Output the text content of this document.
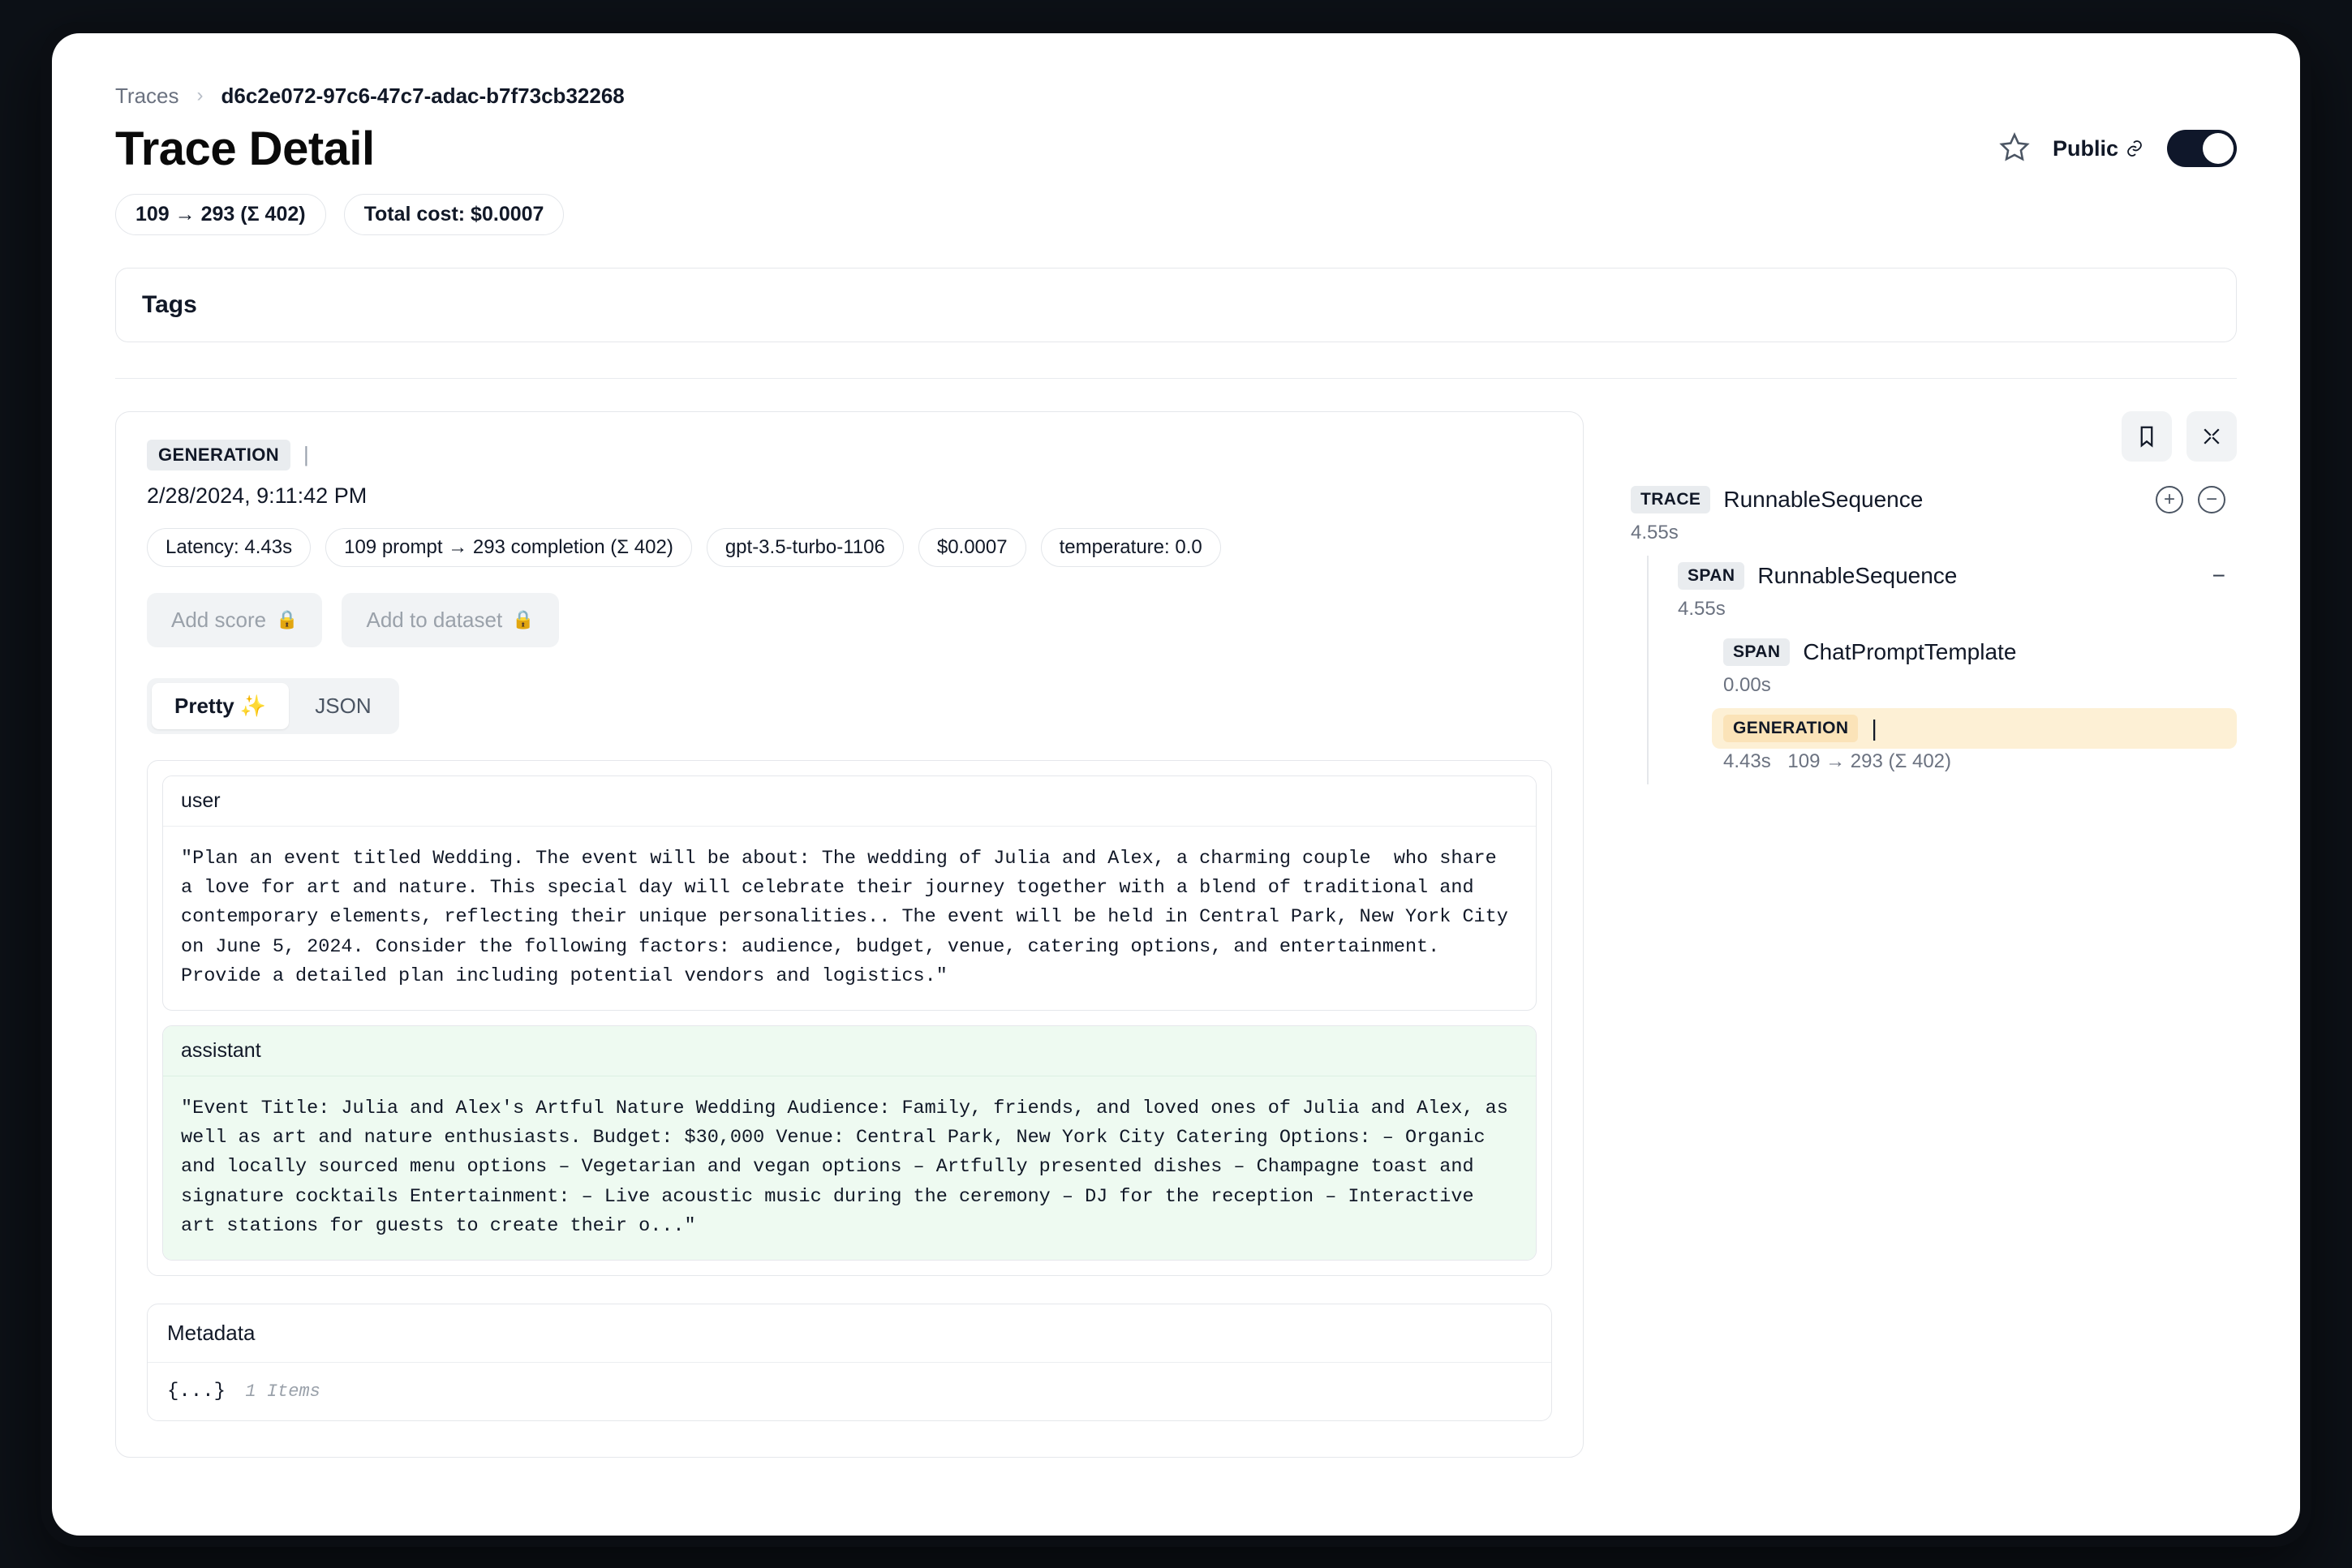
Traces › d6c2e072-97c6-47c7-adac-b7f73cb32268
Trace Detail	Public
109 → 293 (Σ 402)	Total cost: $0.0007
Tags
GENERATION	|
2/28/2024, 9:11:42 PM
Latency: 4.43s	109 prompt → 293 completion (Σ 402)	gpt-3.5-turbo-1106	$0.0007	temperature: 0.0
Add score 🔒	Add to dataset 🔒
Pretty ✨	JSON
user
"Plan an event titled Wedding. The event will be about: The wedding of Julia and Alex, a charming couple  who share a love for art and nature. This special day will celebrate their journey together with a blend of traditional and contemporary elements, reflecting their unique personalities.. The event will be held in Central Park, New York City on June 5, 2024. Consider the following factors: audience, budget, venue, catering options, and entertainment. Provide a detailed plan including potential vendors and logistics."
assistant
"Event Title: Julia and Alex's Artful Nature Wedding Audience: Family, friends, and loved ones of Julia and Alex, as well as art and nature enthusiasts. Budget: $30,000 Venue: Central Park, New York City Catering Options: – Organic and locally sourced menu options – Vegetarian and vegan options – Artfully presented dishes – Champagne toast and signature cocktails Entertainment: – Live acoustic music during the ceremony – DJ for the reception – Interactive art stations for guests to create their o..."
Metadata
{...} 1 Items
TRACE	RunnableSequence	+	−
4.55s
SPAN	RunnableSequence	−
4.55s
SPAN	ChatPromptTemplate
0.00s
GENERATION	|
4.43s 109 → 293 (Σ 402)
